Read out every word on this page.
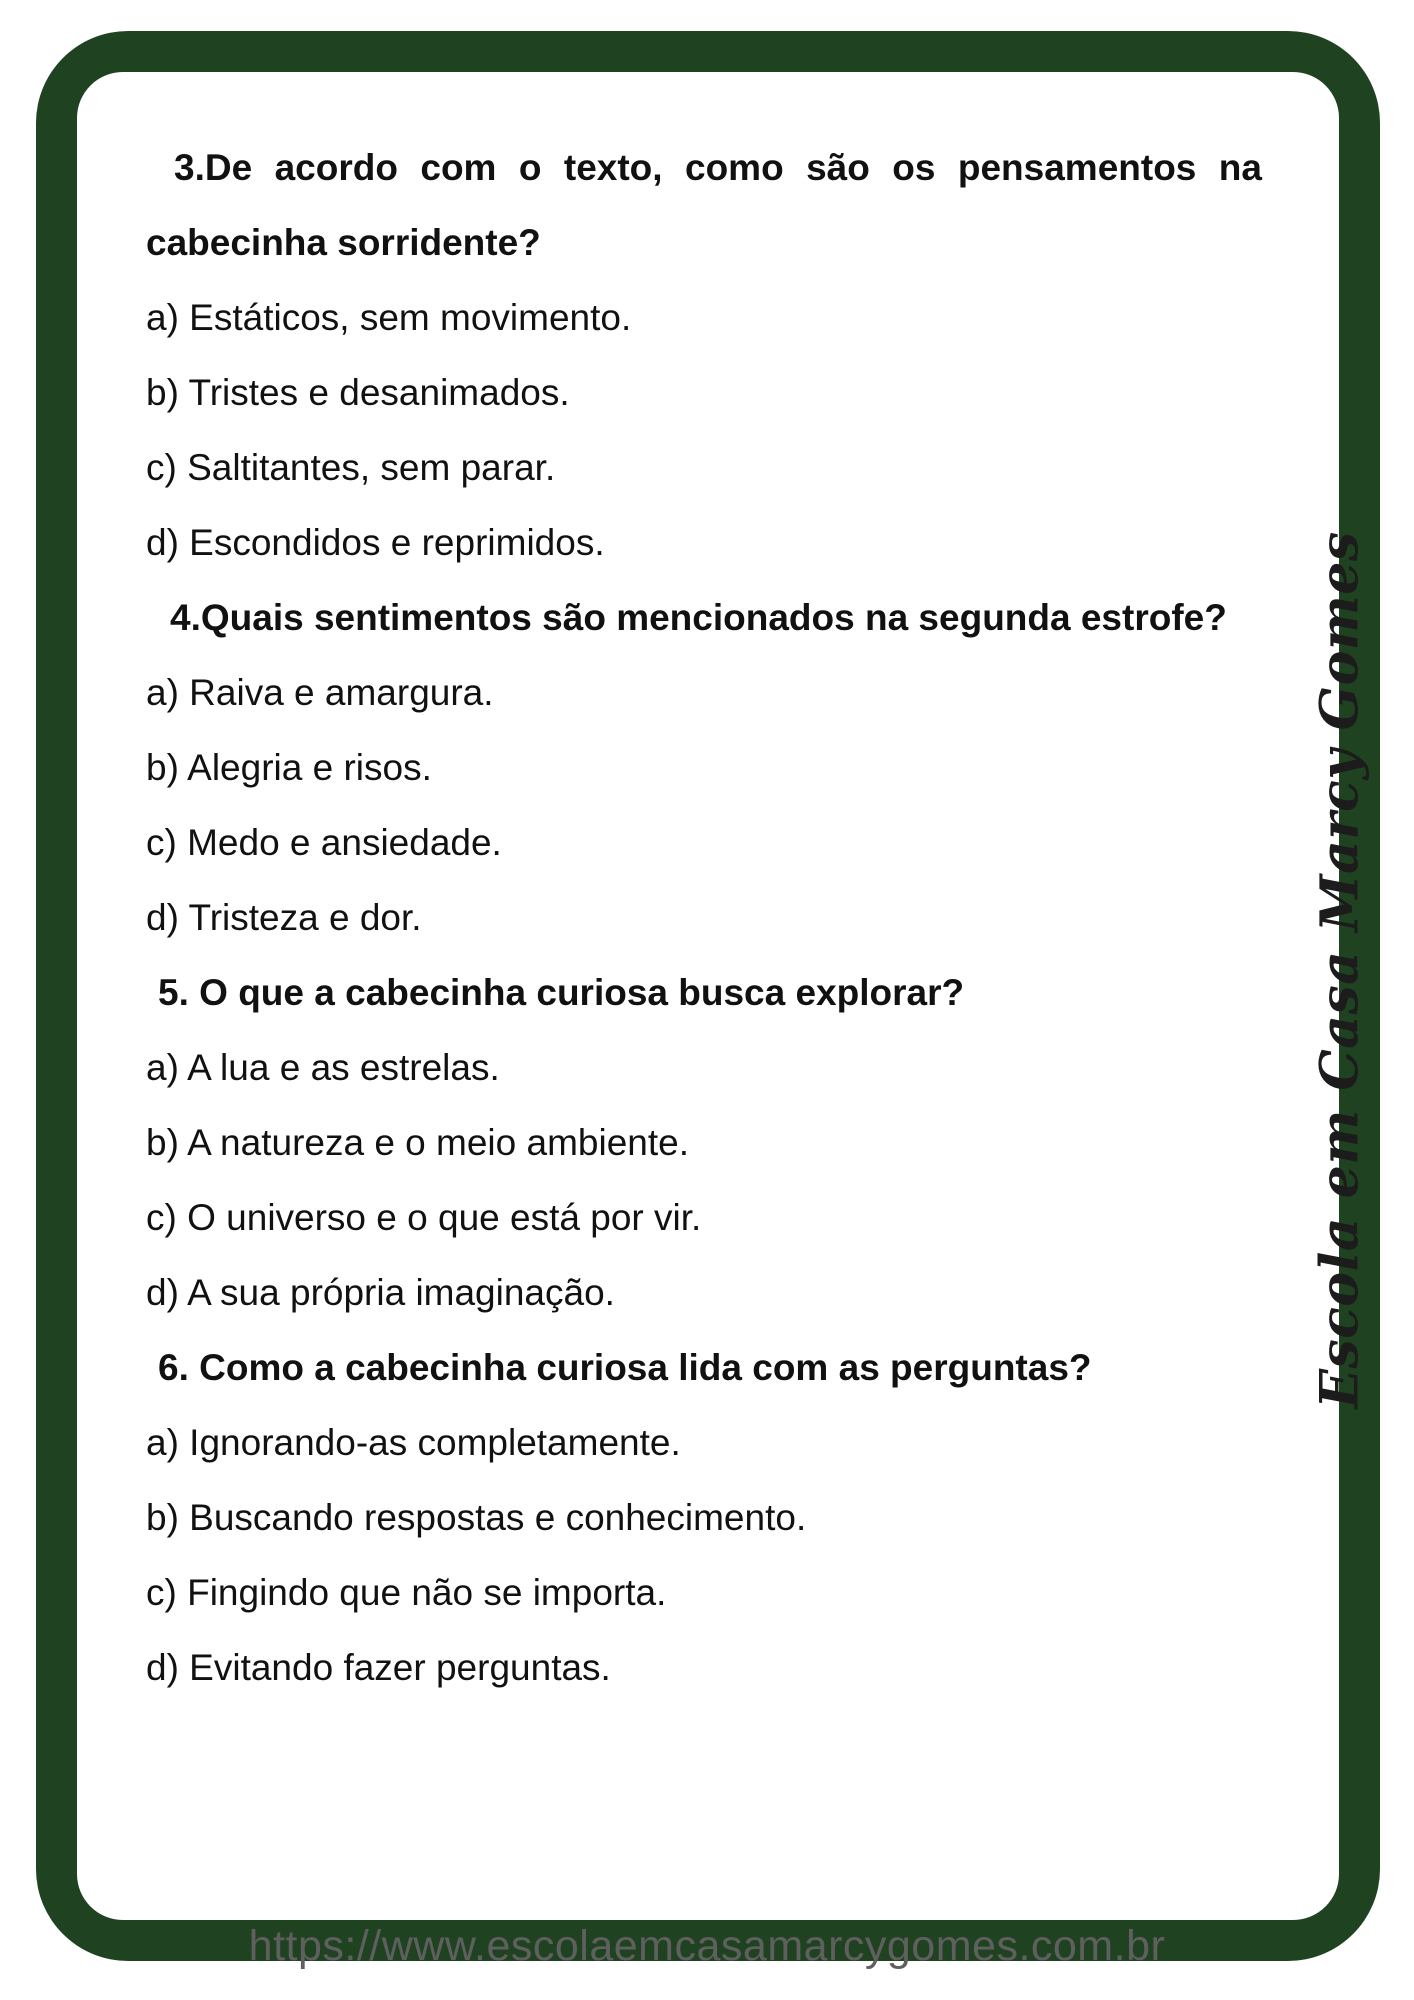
3.De acordo com o texto, como são os pensamentos na cabecinha sorridente?

a) Estáticos, sem movimento.

b) Tristes e desanimados.

c) Saltitantes, sem parar.

d) Escondidos e reprimidos.

4.Quais sentimentos são mencionados na segunda estrofe?

a) Raiva e amargura.

b) Alegria e risos.

c) Medo e ansiedade.

d) Tristeza e dor.

5. O que a cabecinha curiosa busca explorar?

a) A lua e as estrelas.

b) A natureza e o meio ambiente.

c) O universo e o que está por vir.

d) A sua própria imaginação.

6. Como a cabecinha curiosa lida com as perguntas?

a) Ignorando-as completamente.

b) Buscando respostas e conhecimento.

c) Fingindo que não se importa.

d) Evitando fazer perguntas.

Escola em Casa Marcy Gomes
https://www.escolaemcasamarcygomes.com.br
